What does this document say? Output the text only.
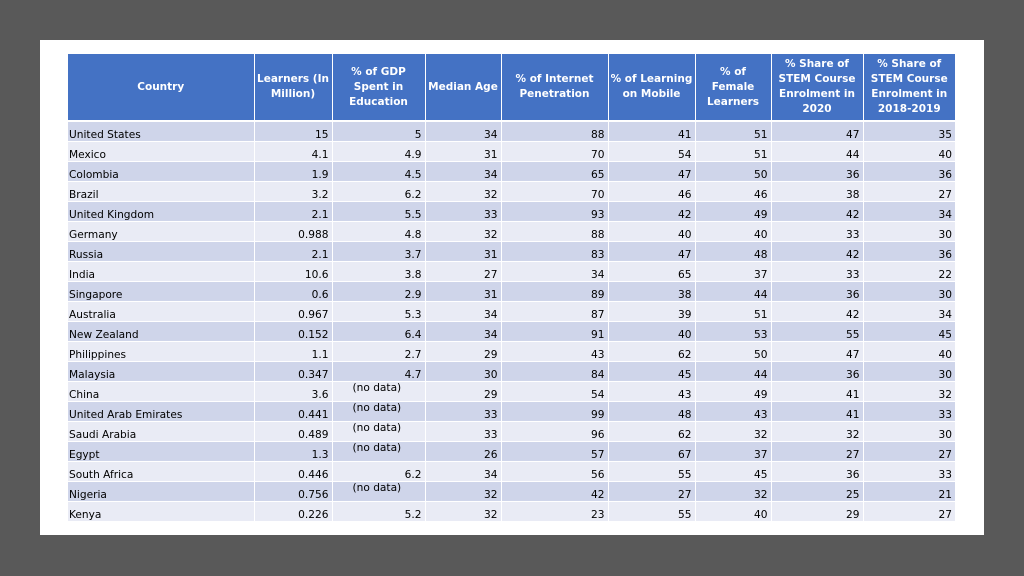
Country	Learners (In Million)	% of GDP Spent in Education	Median Age	% of Internet Penetration	% of Learning on Mobile	% of Female Learners	% Share of STEM Course Enrolment in 2020	% Share of STEM Course Enrolment in 2018-2019
United States	15	5	34	88	41	51	47	35
Mexico	4.1	4.9	31	70	54	51	44	40
Colombia	1.9	4.5	34	65	47	50	36	36
Brazil	3.2	6.2	32	70	46	46	38	27
United Kingdom	2.1	5.5	33	93	42	49	42	34
Germany	0.988	4.8	32	88	40	40	33	30
Russia	2.1	3.7	31	83	47	48	42	36
India	10.6	3.8	27	34	65	37	33	22
Singapore	0.6	2.9	31	89	38	44	36	30
Australia	0.967	5.3	34	87	39	51	42	34
New Zealand	0.152	6.4	34	91	40	53	55	45
Philippines	1.1	2.7	29	43	62	50	47	40
Malaysia	0.347	4.7	30	84	45	44	36	30
China	3.6	(no data)	29	54	43	49	41	32
United Arab Emirates	0.441	(no data)	33	99	48	43	41	33
Saudi Arabia	0.489	(no data)	33	96	62	32	32	30
Egypt	1.3	(no data)	26	57	67	37	27	27
South Africa	0.446	6.2	34	56	55	45	36	33
Nigeria	0.756	(no data)	32	42	27	32	25	21
Kenya	0.226	5.2	32	23	55	40	29	27
